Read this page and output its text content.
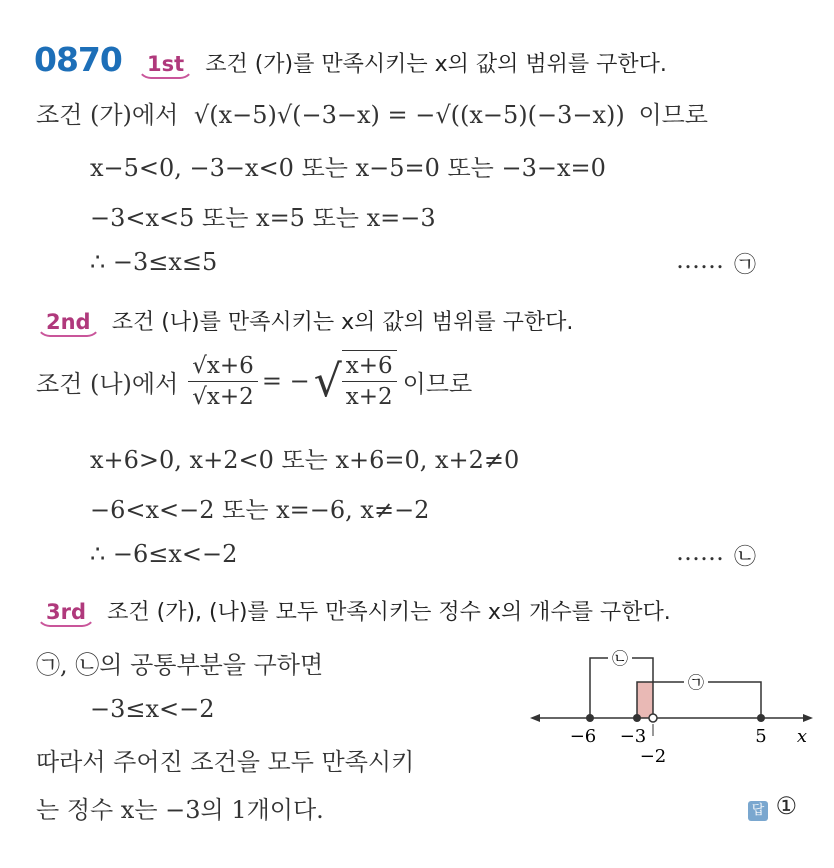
0870 1st 조건 (가)를 만족시키는 x의 값의 범위를 구한다.
조건 (가)에서 √(x−5)√(−3−x) = −√((x−5)(−3−x)) 이므로
x−5<0, −3−x<0 또는 x−5=0 또는 −3−x=0
−3<x<5 또는 x=5 또는 x=−3
∴ −3≤x≤5	…… ㉠
2nd 조건 (나)를 만족시키는 x의 값의 범위를 구한다.
조건 (나)에서 $\frac{√x+6}{√x+2}$ = − √ $\frac{x+6}{x+2}$ 이므로
x+6>0, x+2<0 또는 x+6=0, x+2≠0
−6<x<−2 또는 x=−6, x≠−2
∴ −6≤x<−2	…… ㉡
3rd 조건 (가), (나)를 모두 만족시키는 정수 x의 개수를 구한다.
㉠, ㉡의 공통부분을 구하면
−3≤x<−2
따라서 주어진 조건을 모두 만족시키
는 정수 x는 −3의 1개이다.	답 ①
㉡
㉠
−6 −3
−2
5 x
